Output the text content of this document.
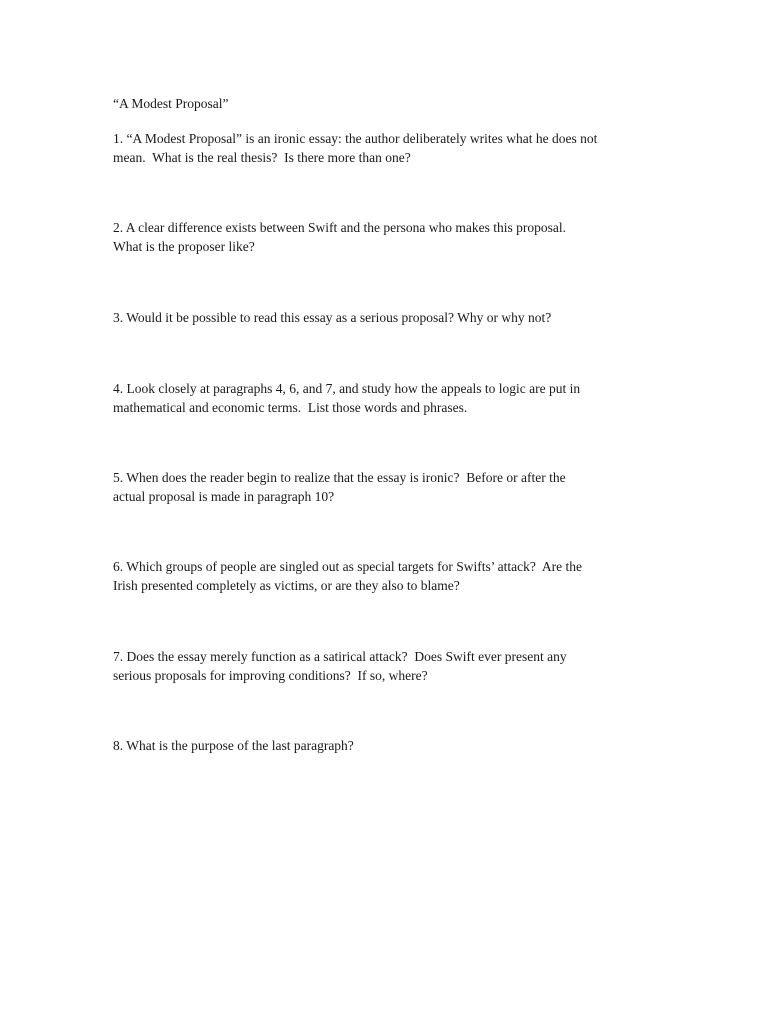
“A Modest Proposal”
1. “A Modest Proposal” is an ironic essay: the author deliberately writes what he does not
mean.  What is the real thesis?  Is there more than one?
2. A clear difference exists between Swift and the persona who makes this proposal.
What is the proposer like?
3. Would it be possible to read this essay as a serious proposal? Why or why not?
4. Look closely at paragraphs 4, 6, and 7, and study how the appeals to logic are put in
mathematical and economic terms.  List those words and phrases.
5. When does the reader begin to realize that the essay is ironic?  Before or after the
actual proposal is made in paragraph 10?
6. Which groups of people are singled out as special targets for Swifts’ attack?  Are the
Irish presented completely as victims, or are they also to blame?
7. Does the essay merely function as a satirical attack?  Does Swift ever present any
serious proposals for improving conditions?  If so, where?
8. What is the purpose of the last paragraph?
